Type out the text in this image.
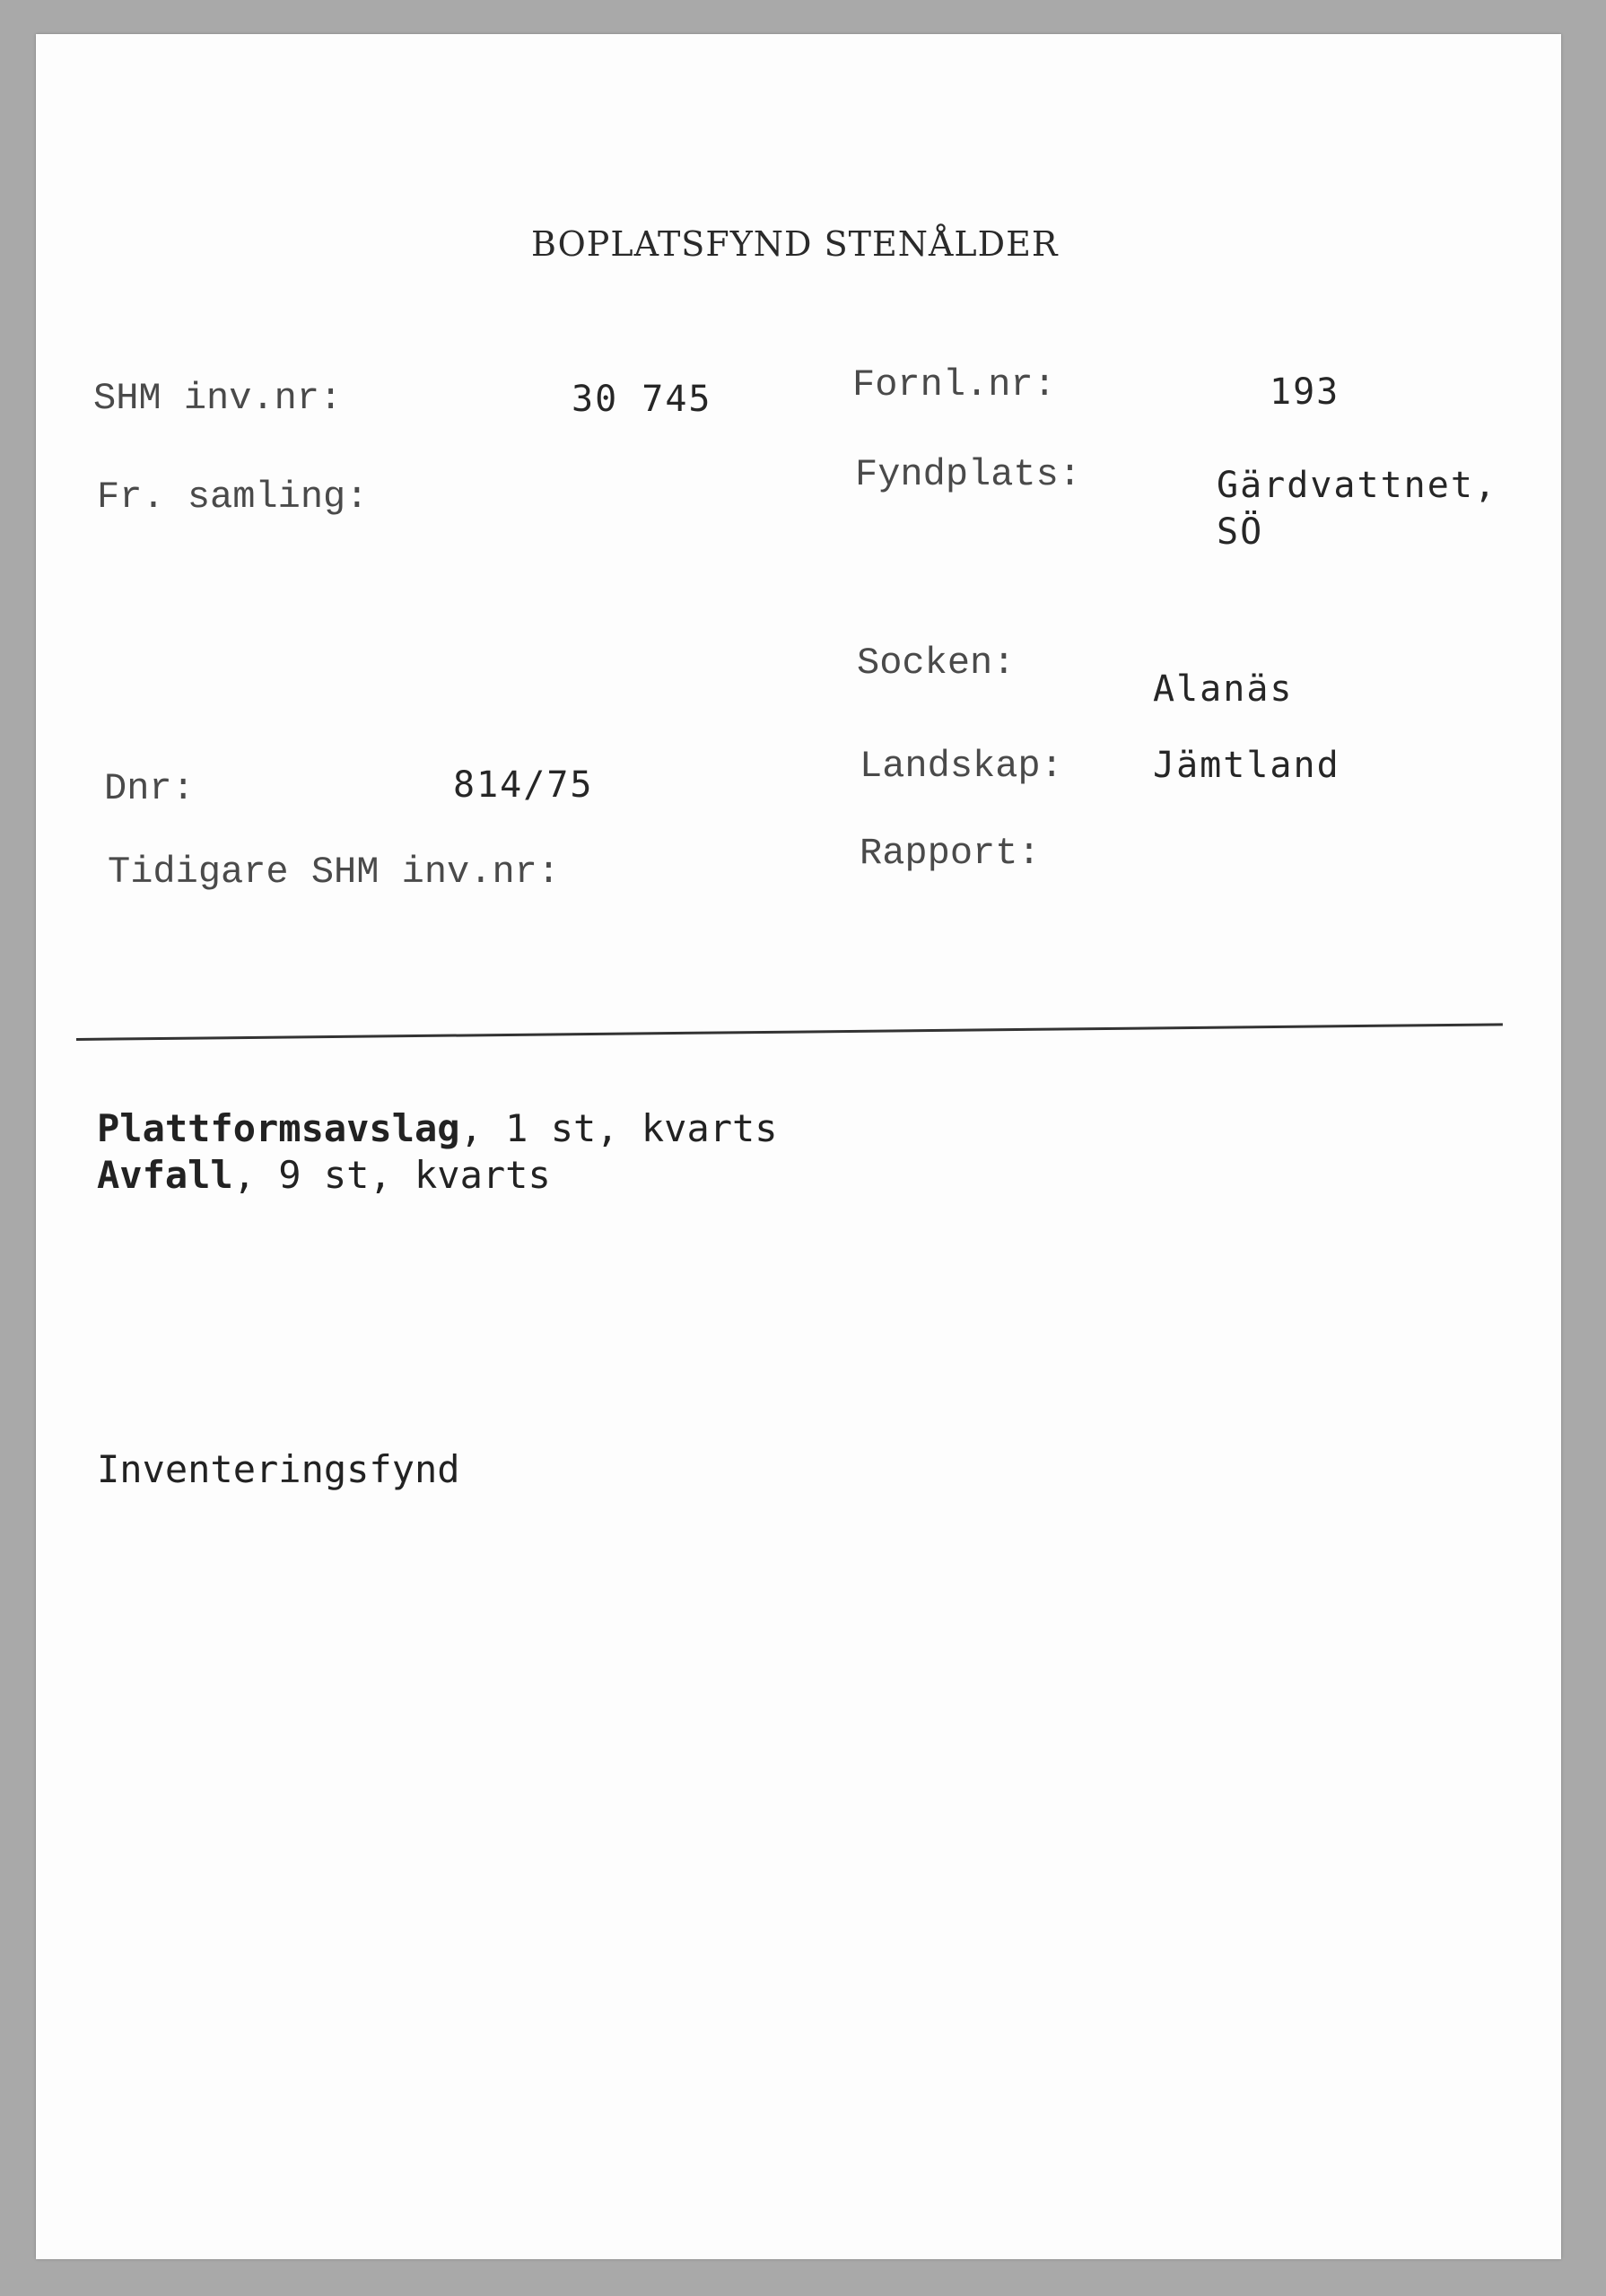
BOPLATSFYND STENÅLDER
SHM inv.nr:	30 745	Fornl.nr:	193
Fr. samling:
Fyndplats:	Gärdvattnet,
SÖ
Socken:
Alanäs
Dnr:	814/75	Landskap:	Jämtland
Tidigare SHM inv.nr:	Rapport:
Plattformsavslag, 1 st, kvarts
Avfall, 9 st, kvarts
Inventeringsfynd
